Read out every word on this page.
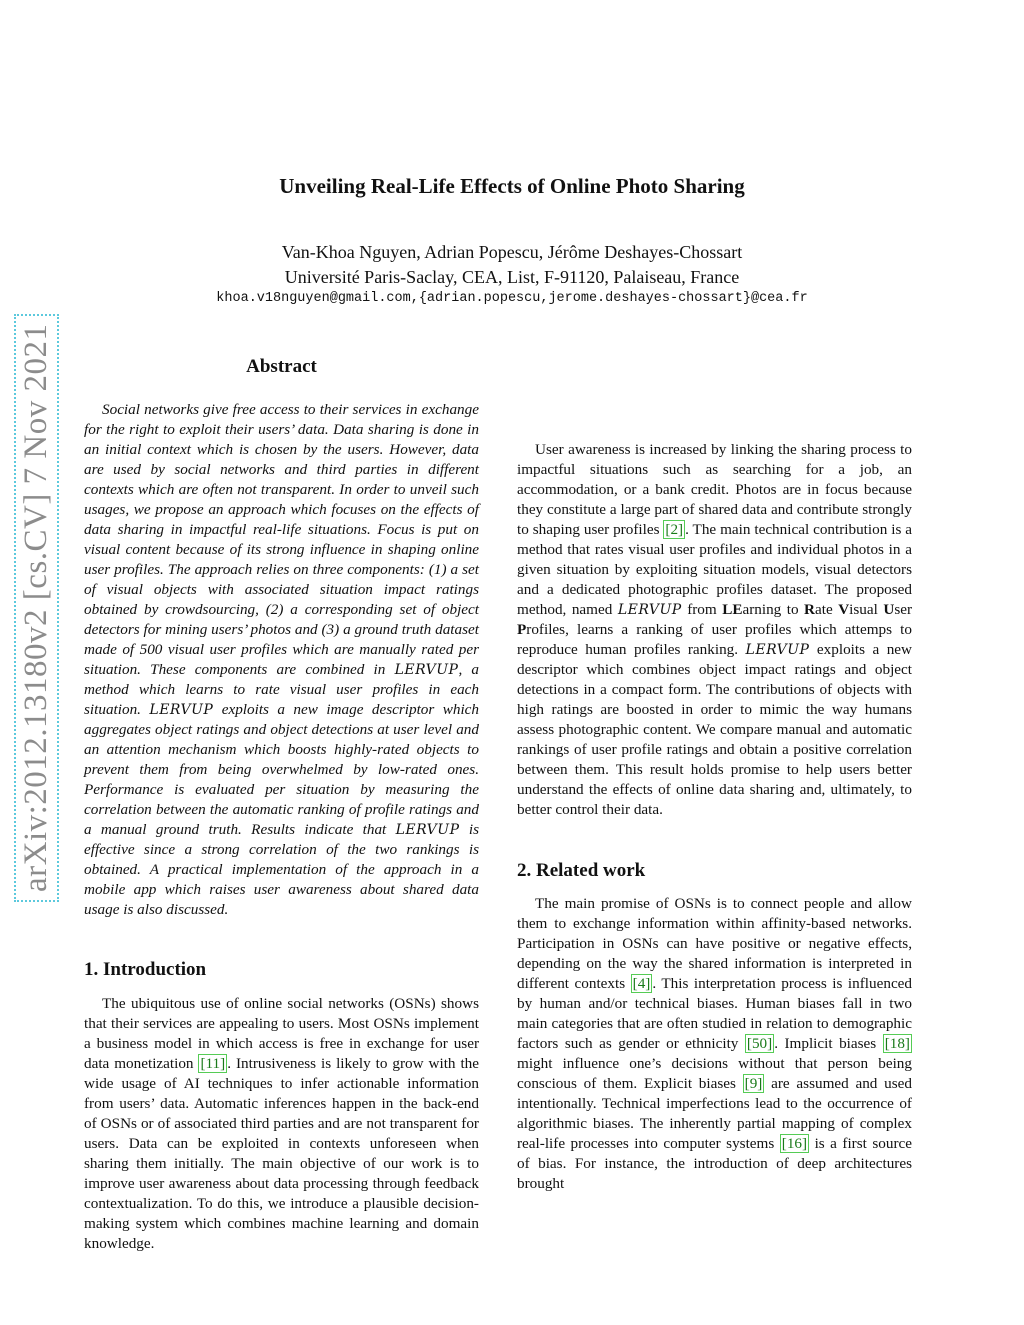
Unveiling Real-Life Effects of Online Photo Sharing
Van-Khoa Nguyen, Adrian Popescu, Jérôme Deshayes-Chossart
Université Paris-Saclay, CEA, List, F-91120, Palaiseau, France
khoa.v18nguyen@gmail.com,{adrian.popescu,jerome.deshayes-chossart}@cea.fr
arXiv:2012.13180v2 [cs.CV] 7 Nov 2021	Abstract

Social networks give free access to their services in exchange for the right to exploit their users’ data. Data sharing is done in an initial context which is chosen by the users. However, data are used by social networks and third parties in different contexts which are often not transparent. In order to unveil such usages, we propose an approach which focuses on the effects of data sharing in impactful real-life situations. Focus is put on visual content because of its strong influence in shaping online user profiles. The approach relies on three components: (1) a set of visual objects with associated situation impact ratings obtained by crowdsourcing, (2) a corresponding set of object detectors for mining users’ photos and (3) a ground truth dataset made of 500 visual user profiles which are manually rated per situation. These components are combined in LERVUP, a method which learns to rate visual user profiles in each situation. LERVUP exploits a new image descriptor which aggregates object ratings and object detections at user level and an attention mechanism which boosts highly-rated objects to prevent them from being overwhelmed by low-rated ones. Performance is evaluated per situation by measuring the correlation between the automatic ranking of profile ratings and a manual ground truth. Results indicate that LERVUP is effective since a strong correlation of the two rankings is obtained. A practical implementation of the approach in a mobile app which raises user awareness about shared data usage is also discussed.

1. Introduction

The ubiquitous use of online social networks (OSNs) shows that their services are appealing to users. Most OSNs implement a business model in which access is free in exchange for user data monetization [11] . Intrusiveness is likely to grow with the wide usage of AI techniques to infer actionable information from users’ data. Automatic inferences happen in the back-end of OSNs or of associated third parties and are not transparent for users. Data can be exploited in contexts unforeseen when sharing them initially. The main objective of our work is to improve user awareness about data processing through feedback contextualization. To do this, we introduce a plausible decision-making system which combines machine learning and domain knowledge.

User awareness is increased by linking the sharing process to impactful situations such as searching for a job, an accommodation, or a bank credit. Photos are in focus because they constitute a large part of shared data and contribute strongly to shaping user profiles [2] . The main technical contribution is a method that rates visual user profiles and individual photos in a given situation by exploiting situation models, visual detectors and a dedicated photographic profiles dataset. The proposed method, named LERVUP from LEarning to Rate Visual User Profiles, learns a ranking of user profiles which attemps to reproduce human profiles ranking. LERVUP exploits a new descriptor which combines object impact ratings and object detections in a compact form. The contributions of objects with high ratings are boosted in order to mimic the way humans assess photographic content. We compare manual and automatic rankings of user profile ratings and obtain a positive correlation between them. This result holds promise to help users better understand the effects of online data sharing and, ultimately, to better control their data.

2. Related work

The main promise of OSNs is to connect people and allow them to exchange information within affinity-based networks. Participation in OSNs can have positive or negative effects, depending on the way the shared information is interpreted in different contexts [4] . This interpretation process is influenced by human and/or technical biases. Human biases fall in two main categories that are often studied in relation to demographic factors such as gender or ethnicity [50] . Implicit biases [18] might influence one’s decisions without that person being conscious of them. Explicit biases [9] are assumed and used intentionally. Technical imperfections lead to the occurrence of algorithmic biases. The inherently partial mapping of complex real-life processes into computer systems [16] is a first source of bias. For instance, the introduction of deep architectures brought
